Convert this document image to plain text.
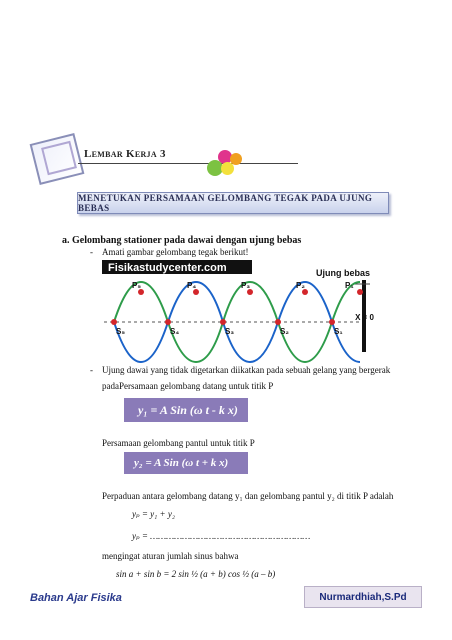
Lembar Kerja 3
MENETUKAN PERSAMAAN GELOMBANG TEGAK PADA UJUNG BEBAS
a. Gelombang stationer pada dawai dengan ujung bebas
- Amati gambar gelombang tegak berikut!
Fisikastudycenter.com	Ujung bebas
X = 0
P₅	P₄	P₃	P₂	P₁
S₅	S₄	S₃	S₂	S₁
- Ujung dawai yang tidak digetarkan diikatkan pada sebuah gelang yang bergerak
padaPersamaan gelombang datang untuk titik P
y₁ = A Sin (ω t - k x)
Persamaan gelombang pantul untuk titik P
y₂ = A Sin (ω t + k x)
Perpaduan antara gelombang datang y₁ dan gelombang pantul y₂ di titik P adalah
yₚ = y₁ + y₂
yₚ = ……………………………………………………
mengingat aturan jumlah sinus bahwa
sin a + sin b = 2 sin ½ (a + b) cos ½ (a – b)
Bahan Ajar Fisika	Nurmardhiah,S.Pd
